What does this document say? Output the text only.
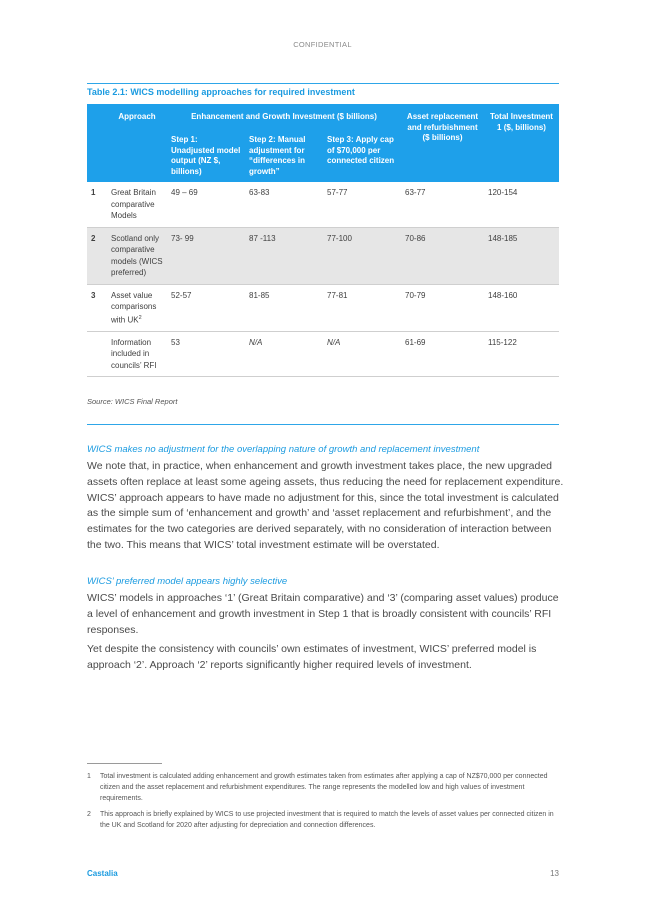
CONFIDENTIAL
Table 2.1: WICS modelling approaches for required investment
	Approach	Enhancement and Growth Investment ($ billions)			Asset replacement and refurbishment ($ billions)	Total Investment 1 ($, billions)
		Step 1: Unadjusted model output (NZ $, billions)	Step 2: Manual adjustment for “differences in growth”	Step 3: Apply cap of $70,000 per connected citizen		
1	Great Britain comparative Models	49 – 69	63-83	57-77	63-77	120-154
2	Scotland only comparative models (WICS preferred)	73- 99	87 -113	77-100	70-86	148-185
3	Asset value comparisons with $UK^2$	52-57	81-85	77-81	70-79	148-160
	Information included in councils’ RFI	53	N/A	N/A	61-69	115-122
Source: WICS Final Report
WICS makes no adjustment for the overlapping nature of growth and replacement investment
We note that, in practice, when enhancement and growth investment takes place, the new upgraded assets often replace at least some ageing assets, thus reducing the need for replacement expenditure. WICS’ approach appears to have made no adjustment for this, since the total investment is calculated as the simple sum of ‘enhancement and growth’ and ‘asset replacement and refurbishment’, and the estimates for the two categories are derived separately, with no consideration of interaction between the two. This means that WICS’ total investment estimate will be overstated.
WICS’ preferred model appears highly selective
WICS’ models in approaches ‘1’ (Great Britain comparative) and ‘3’ (comparing asset values) produce a level of enhancement and growth investment in Step 1 that is broadly consistent with councils’ RFI responses.
Yet despite the consistency with councils’ own estimates of investment, WICS’ preferred model is approach ‘2’. Approach ‘2’ reports significantly higher required levels of investment.
1 Total investment is calculated adding enhancement and growth estimates taken from estimates after applying a cap of NZ$70,000 per connected citizen and the asset replacement and refurbishment expenditures. The range represents the modelled low and high values of investment requirements.
2 This approach is briefly explained by WICS to use projected investment that is required to match the levels of asset values per connected citizen in the UK and Scotland for 2020 after adjusting for depreciation and connection differences.
Castalia	13
